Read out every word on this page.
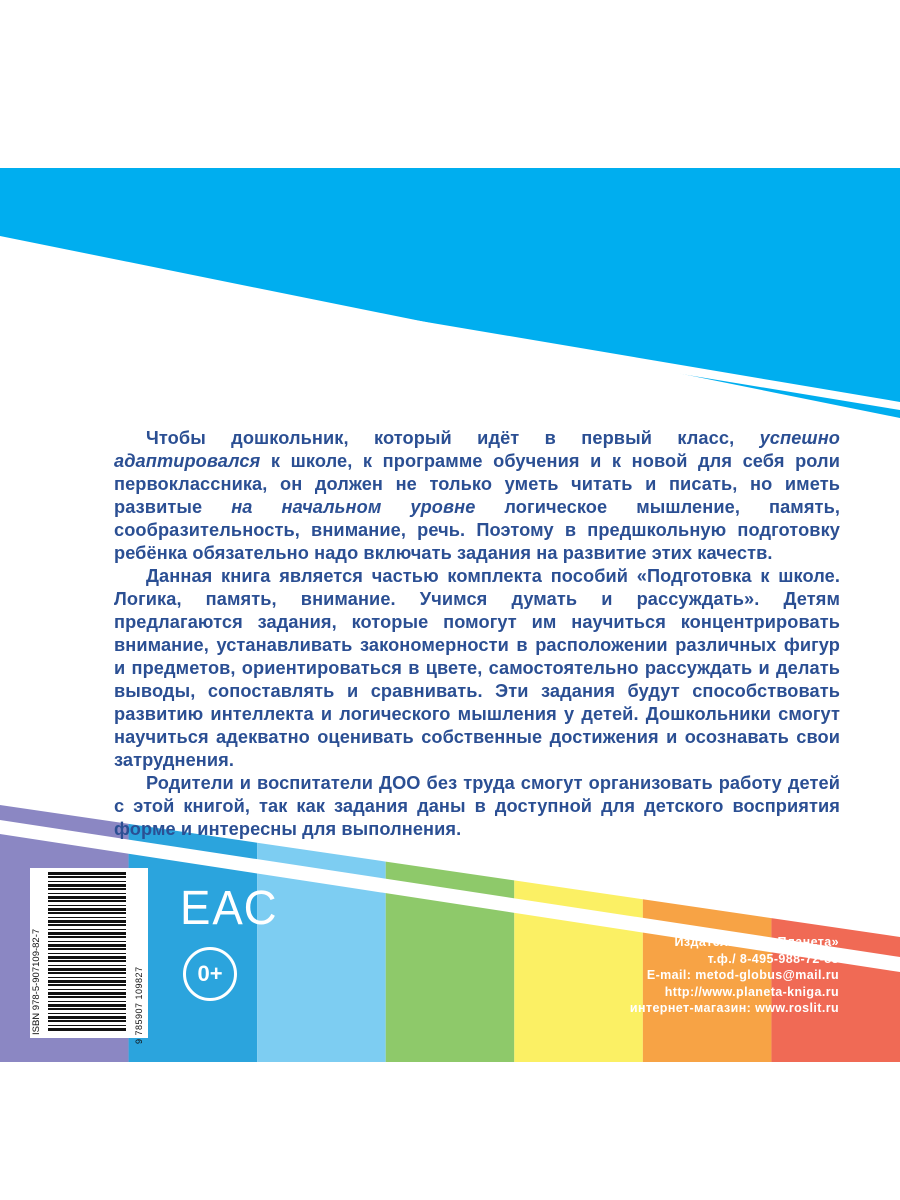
Чтобы дошкольник, который идёт в первый класс, успешно адаптировался к школе, к программе обучения и к новой для себя роли первоклассника, он должен не только уметь читать и писать, но иметь развитые на начальном уровне логическое мышление, память, сообразительность, внимание, речь. Поэтому в предшкольную подготовку ребёнка обязательно надо включать задания на развитие этих качеств.

Данная книга является частью комплекта пособий «Подготовка к школе. Логика, память, внимание. Учимся думать и рассуждать». Детям предлагаются задания, которые помогут им научиться концентрировать внимание, устанавливать закономерности в расположении различных фигур и предметов, ориентироваться в цвете, самостоятельно рассуждать и делать выводы, сопоставлять и сравнивать. Эти задания будут способствовать развитию интеллекта и логического мышления у детей. Дошкольники смогут научиться адекватно оценивать собственные достижения и осознавать свои затруднения.

Родители и воспитатели ДОО без труда смогут организовать работу детей с этой книгой, так как задания даны в доступной для детского восприятия форме и интересны для выполнения.

ЕАС
0+
ISBN 978-5-907109-82-7	9 785907 109827
Издательство «Планета»
т.ф./ 8-495-988-72-83
E-mail: metod-globus@mail.ru
http://www.planeta-kniga.ru
интернет-магазин: www.roslit.ru
